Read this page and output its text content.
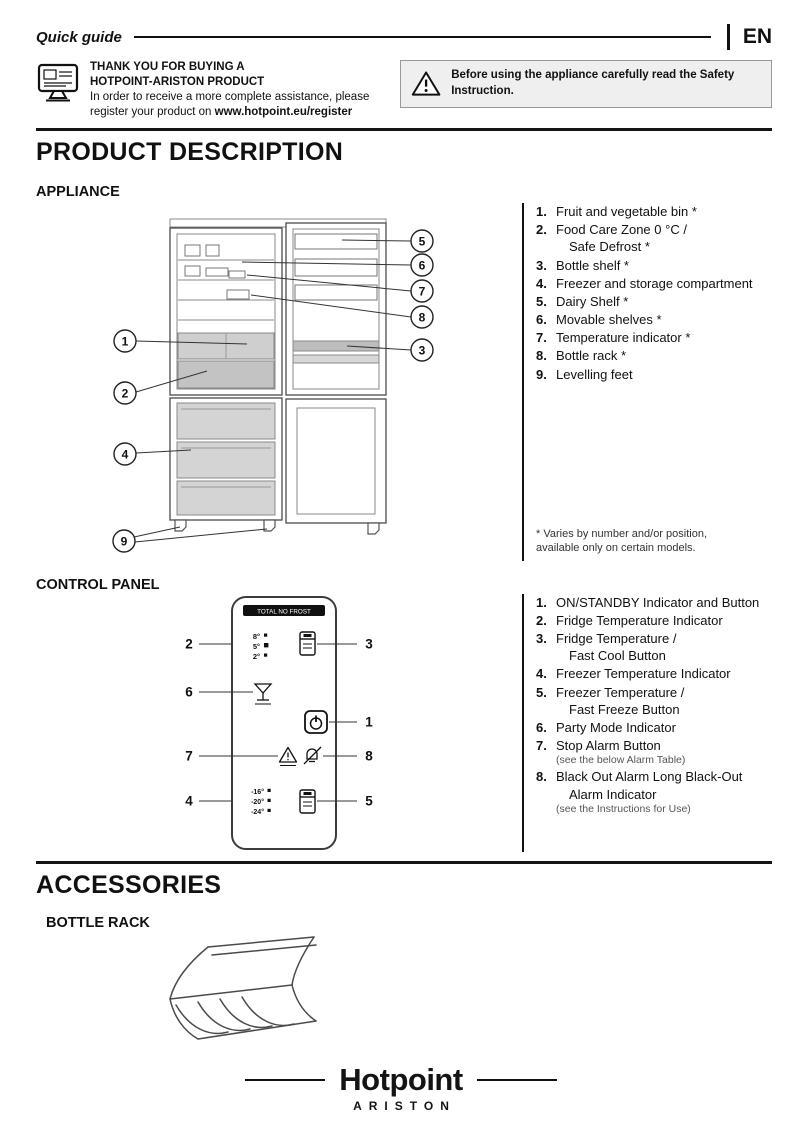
Quick guide	EN
THANK YOU FOR BUYING A
HOTPOINT-ARISTON PRODUCT
In order to receive a more complete assistance, please
register your product on www.hotpoint.eu/register
Before using the appliance carefully read the Safety Instruction.
PRODUCT DESCRIPTION
APPLIANCE
1
2
4
9
5
6
7
8
3
1. Fruit and vegetable bin *
2. Food Care Zone 0 °C /
Safe Defrost *
3. Bottle shelf *
4. Freezer and storage compartment
5. Dairy Shelf *
6. Movable shelves *
7. Temperature indicator *
8. Bottle rack *
9. Levelling feet
* Varies by number and/or position,
available only on certain models.
CONTROL PANEL
TOTAL NO FROST
8°
5°
2°
-16°
-20°
-24°
2
6
7
4
3
1
8
5
1. ON/STANDBY Indicator and Button
2. Fridge Temperature Indicator
3. Fridge Temperature /
Fast Cool Button
4. Freezer Temperature Indicator
5. Freezer Temperature /
Fast Freeze Button
6. Party Mode Indicator
7. Stop Alarm Button
(see the below Alarm Table)
8. Black Out Alarm Long Black-Out
Alarm Indicator
(see the Instructions for Use)
ACCESSORIES
BOTTLE RACK
Hotpoint
ARISTON
